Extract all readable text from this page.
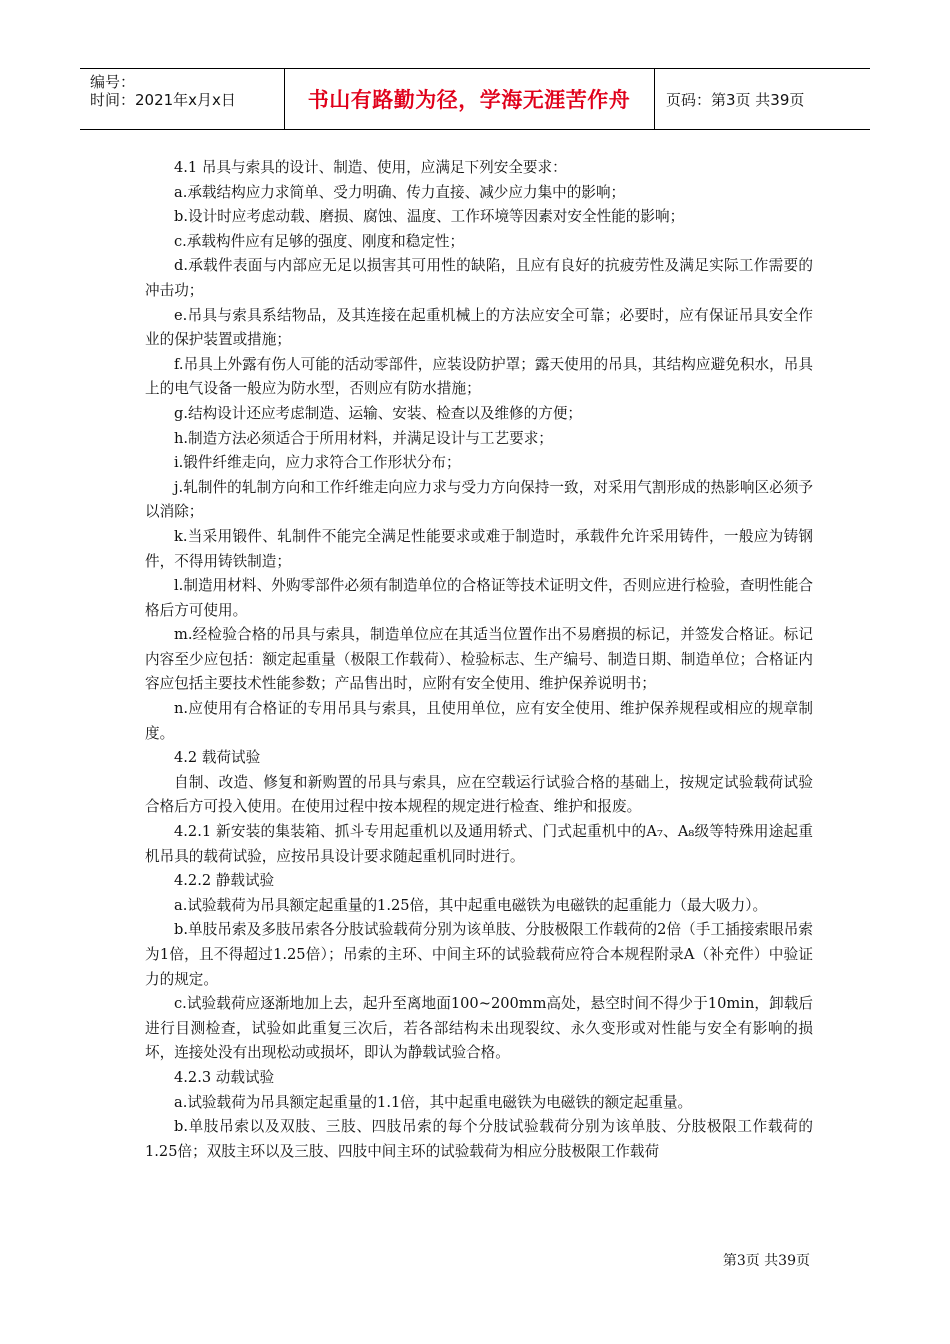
编号：
时间：2021年x月x日	书山有路勤为径，学海无涯苦作舟	页码：第3页 共39页

4.1 吊具与索具的设计、制造、使用，应满足下列安全要求：

a.承载结构应力求简单、受力明确、传力直接、减少应力集中的影响；

b.设计时应考虑动载、磨损、腐蚀、温度、工作环境等因素对安全性能的影响；

c.承载构件应有足够的强度、刚度和稳定性；

d.承载件表面与内部应无足以损害其可用性的缺陷，且应有良好的抗疲劳性及满足实际工作需要的冲击功；

e.吊具与索具系结物品，及其连接在起重机械上的方法应安全可靠；必要时，应有保证吊具安全作业的保护装置或措施；

f.吊具上外露有伤人可能的活动零部件，应装设防护罩；露天使用的吊具，其结构应避免积水，吊具上的电气设备一般应为防水型，否则应有防水措施；

g.结构设计还应考虑制造、运输、安装、检查以及维修的方便；

h.制造方法必须适合于所用材料，并满足设计与工艺要求；

i.锻件纤维走向，应力求符合工作形状分布；

j.轧制件的轧制方向和工作纤维走向应力求与受力方向保持一致，对采用气割形成的热影响区必须予以消除；

k.当采用锻件、轧制件不能完全满足性能要求或难于制造时，承载件允许采用铸件，一般应为铸钢件，不得用铸铁制造；

l.制造用材料、外购零部件必须有制造单位的合格证等技术证明文件，否则应进行检验，查明性能合格后方可使用。

m.经检验合格的吊具与索具，制造单位应在其适当位置作出不易磨损的标记，并签发合格证。标记内容至少应包括：额定起重量（极限工作载荷）、检验标志、生产编号、制造日期、制造单位；合格证内容应包括主要技术性能参数；产品售出时，应附有安全使用、维护保养说明书；

n.应使用有合格证的专用吊具与索具，且使用单位，应有安全使用、维护保养规程或相应的规章制度。

4.2 载荷试验

自制、改造、修复和新购置的吊具与索具，应在空载运行试验合格的基础上，按规定试验载荷试验合格后方可投入使用。在使用过程中按本规程的规定进行检查、维护和报废。

4.2.1 新安装的集装箱、抓斗专用起重机以及通用轿式、门式起重机中的A₇、A₈级等特殊用途起重机吊具的载荷试验，应按吊具设计要求随起重机同时进行。

4.2.2 静载试验

a.试验载荷为吊具额定起重量的1.25倍，其中起重电磁铁为电磁铁的起重能力（最大吸力）。

b.单肢吊索及多肢吊索各分肢试验载荷分别为该单肢、分肢极限工作载荷的2倍（手工插接索眼吊索为1倍，且不得超过1.25倍）；吊索的主环、中间主环的试验载荷应符合本规程附录A（补充件）中验证力的规定。

c.试验载荷应逐渐地加上去，起升至离地面100~200mm高处，悬空时间不得少于10min，卸载后进行目测检查，试验如此重复三次后，若各部结构未出现裂纹、永久变形或对性能与安全有影响的损坏，连接处没有出现松动或损坏，即认为静载试验合格。

4.2.3 动载试验

a.试验载荷为吊具额定起重量的1.1倍，其中起重电磁铁为电磁铁的额定起重量。

b.单肢吊索以及双肢、三肢、四肢吊索的每个分肢试验载荷分别为该单肢、分肢极限工作载荷的1.25倍；双肢主环以及三肢、四肢中间主环的试验载荷为相应分肢极限工作载荷

第3页 共39页
